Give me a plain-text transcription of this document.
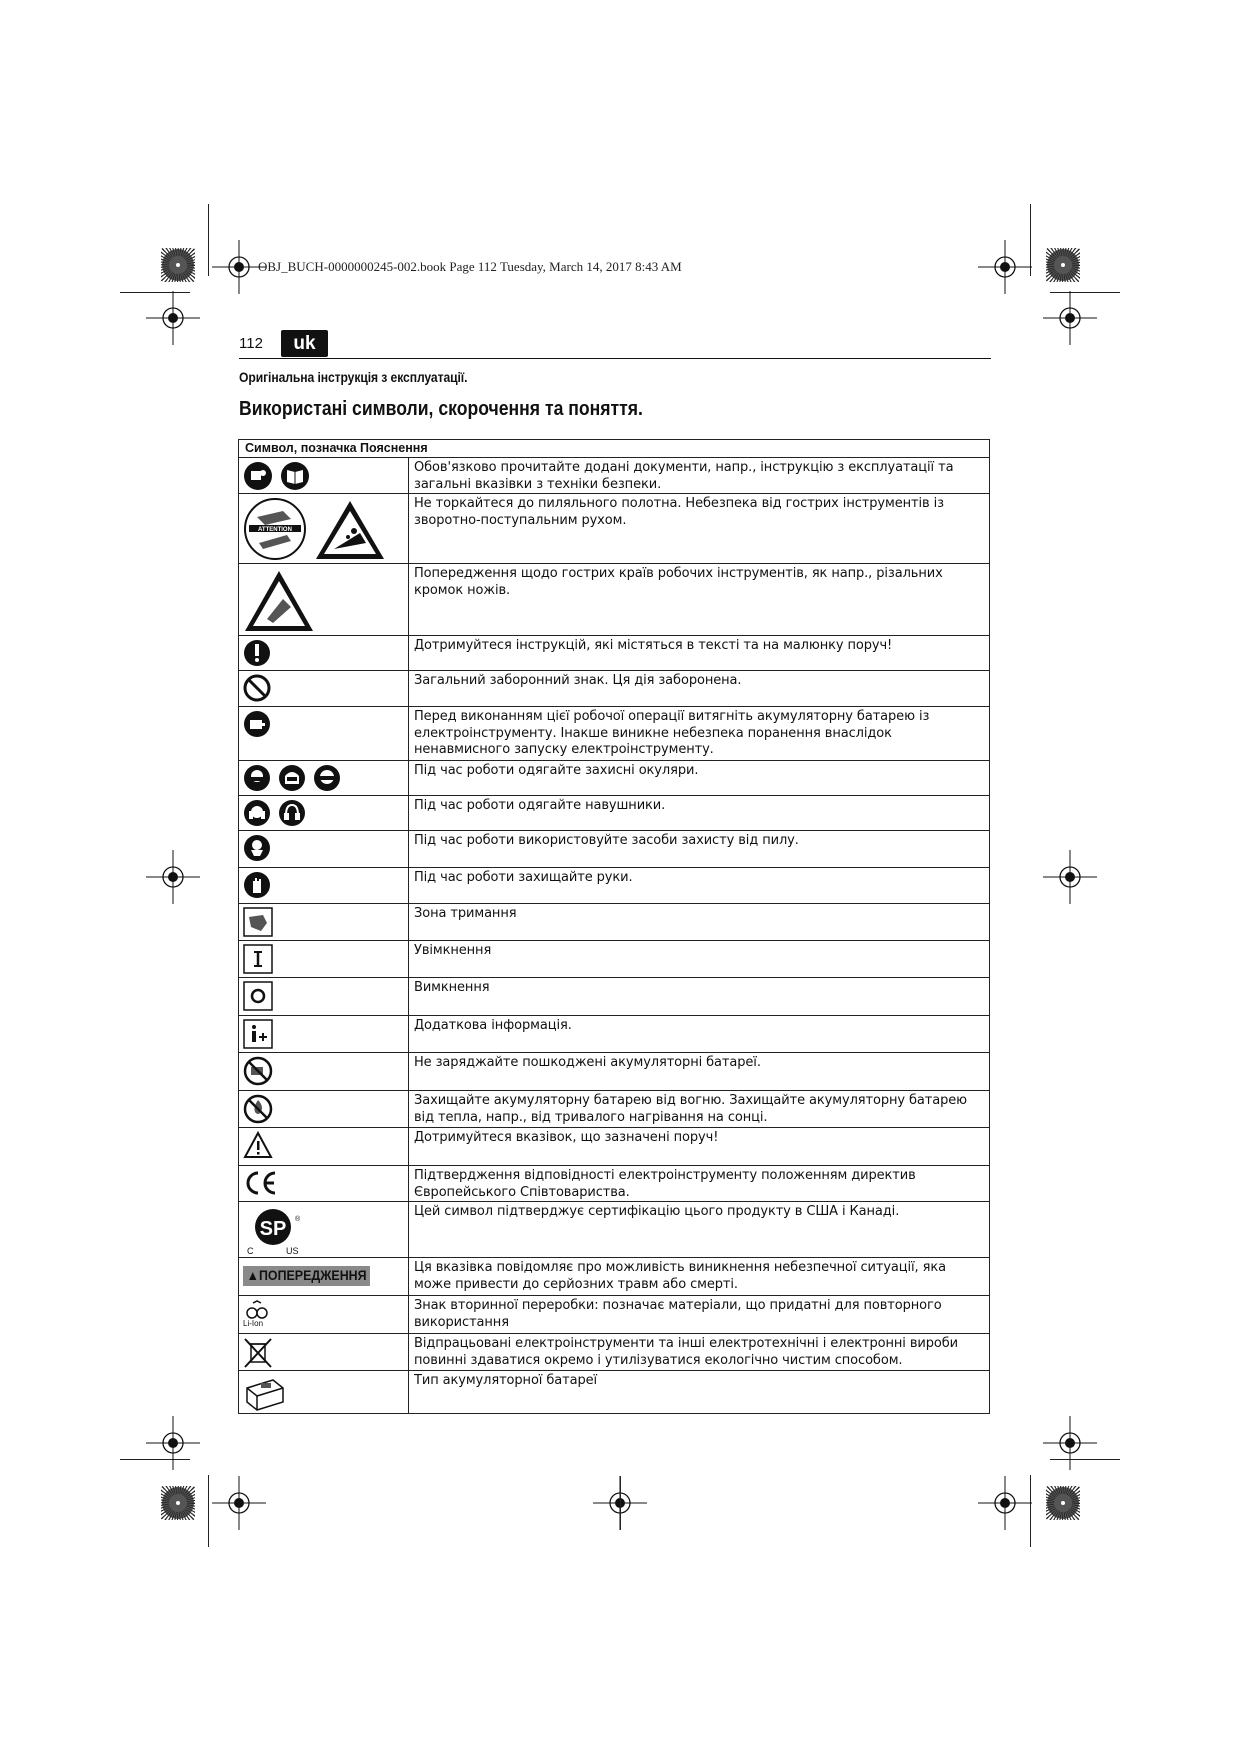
OBJ_BUCH-0000000245-002.book Page 112 Tuesday, March 14, 2017 8:43 AM
112	uk
Оригінальна інструкція з експлуатації.
Використані символи, скорочення та поняття.
Символ, позначка Пояснення	
	Обов'язково прочитайте додані документи, напр., інструкцію з експлуатації та загальні вказівки з техніки безпеки.

ATTENTION	Не торкайтеся до пиляльного полотна. Небезпека від гострих інструментів із зворотно-поступальним рухом.
	Попередження щодо гострих країв робочих інструментів, як напр., різальних кромок ножів.
	Дотримуйтеся інструкцій, які містяться в тексті та на малюнку поруч!
	Загальний заборонний знак. Ця дія заборонена.
	Перед виконанням цієї робочої операції витягніть акумуляторну батарею із електроінструменту. Інакше виникне небезпека поранення внаслідок ненавмисного запуску електроінструменту.
	Під час роботи одягайте захисні окуляри.
	Під час роботи одягайте навушники.
	Під час роботи використовуйте засоби захисту від пилу.
	Під час роботи захищайте руки.
	Зона тримання
	Увімкнення
	Вимкнення
	Додаткова інформація.
	Не заряджайте пошкоджені акумуляторні батареї.
	Захищайте акумуляторну батарею від вогню. Захищайте акумуляторну батарею від тепла, напр., від тривалого нагрівання на сонці.
	Дотримуйтеся вказівок, що зазначені поруч!
	Підтвердження відповідності електроінструменту положенням директив Європейського Співтовариства.

SP ®
C US	Цей символ підтверджує сертифікацію цього продукту в США і Канаді.
▲ПОПЕРЕДЖЕННЯ	Ця вказівка повідомляє про можливість виникнення небезпечної ситуації, яка може привести до серйозних травм або смерті.

Li-Ion	Знак вторинної переробки: позначає матеріали, що придатні для повторного використання
	Відпрацьовані електроінструменти та інші електротехнічні і електронні вироби повинні здаватися окремо і утилізуватися екологічно чистим способом.
	Тип акумуляторної батареї
